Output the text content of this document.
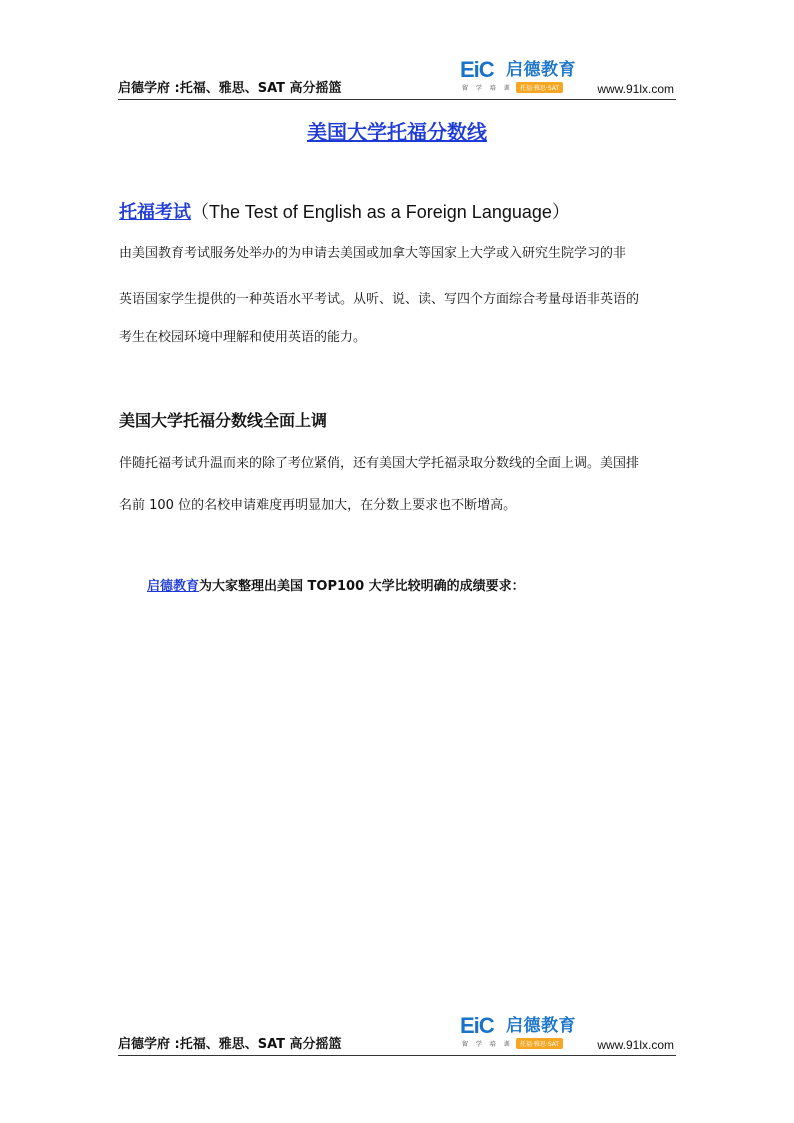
启德学府 :托福、雅思、SAT 高分摇篮
EiC 启德教育
留 学 培 训	托福·雅思·SAT	www.91lx.com
美国大学托福分数线
托福考试（The Test of English as a Foreign Language）
由美国教育考试服务处举办的为申请去美国或加拿大等国家上大学或入研究生院学习的非
英语国家学生提供的一种英语水平考试。从听、说、读、写四个方面综合考量母语非英语的
考生在校园环境中理解和使用英语的能力。
美国大学托福分数线全面上调
伴随托福考试升温而来的除了考位紧俏，还有美国大学托福录取分数线的全面上调。美国排
名前 100 位的名校申请难度再明显加大，在分数上要求也不断增高。
启德教育为大家整理出美国 TOP100 大学比较明确的成绩要求：
启德学府 :托福、雅思、SAT 高分摇篮
EiC 启德教育
留 学 培 训	托福·雅思·SAT	www.91lx.com
